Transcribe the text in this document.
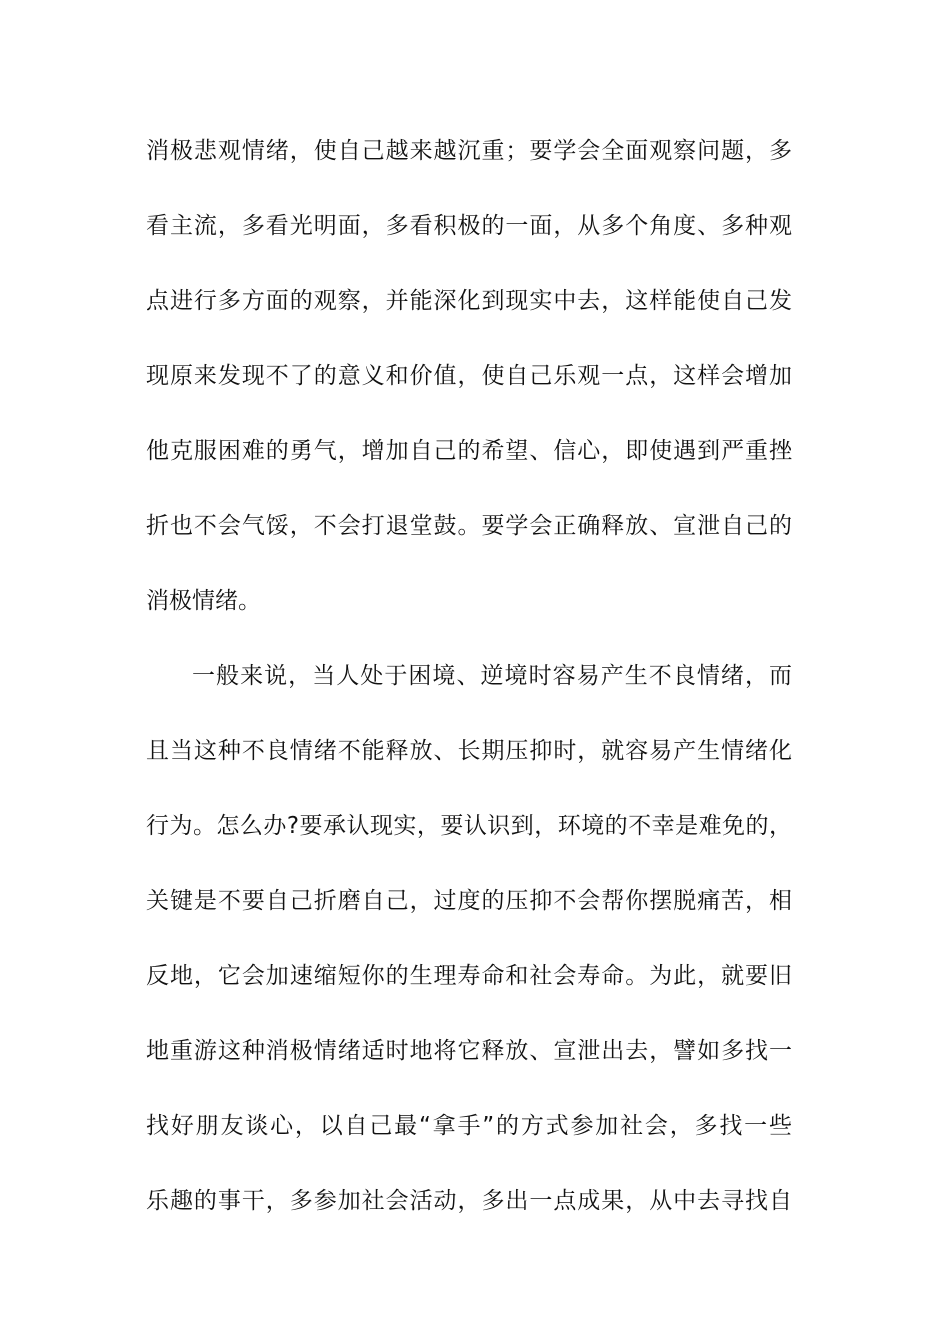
消极悲观情绪，使自己越来越沉重；要学会全面观察问题，多
看主流，多看光明面，多看积极的一面，从多个角度、多种观
点进行多方面的观察，并能深化到现实中去，这样能使自己发
现原来发现不了的意义和价值，使自己乐观一点，这样会增加
他克服困难的勇气，增加自己的希望、信心，即使遇到严重挫
折也不会气馁，不会打退堂鼓。要学会正确释放、宣泄自己的
消极情绪。
一般来说，当人处于困境、逆境时容易产生不良情绪，而
且当这种不良情绪不能释放、长期压抑时，就容易产生情绪化
行为。怎么办?要承认现实，要认识到，环境的不幸是难免的，
关键是不要自己折磨自己，过度的压抑不会帮你摆脱痛苦，相
反地，它会加速缩短你的生理寿命和社会寿命。为此，就要旧
地重游这种消极情绪适时地将它释放、宣泄出去，譬如多找一
找好朋友谈心，以自己最“拿手”的方式参加社会，多找一些
乐趣的事干，多参加社会活动，多出一点成果，从中去寻找自
